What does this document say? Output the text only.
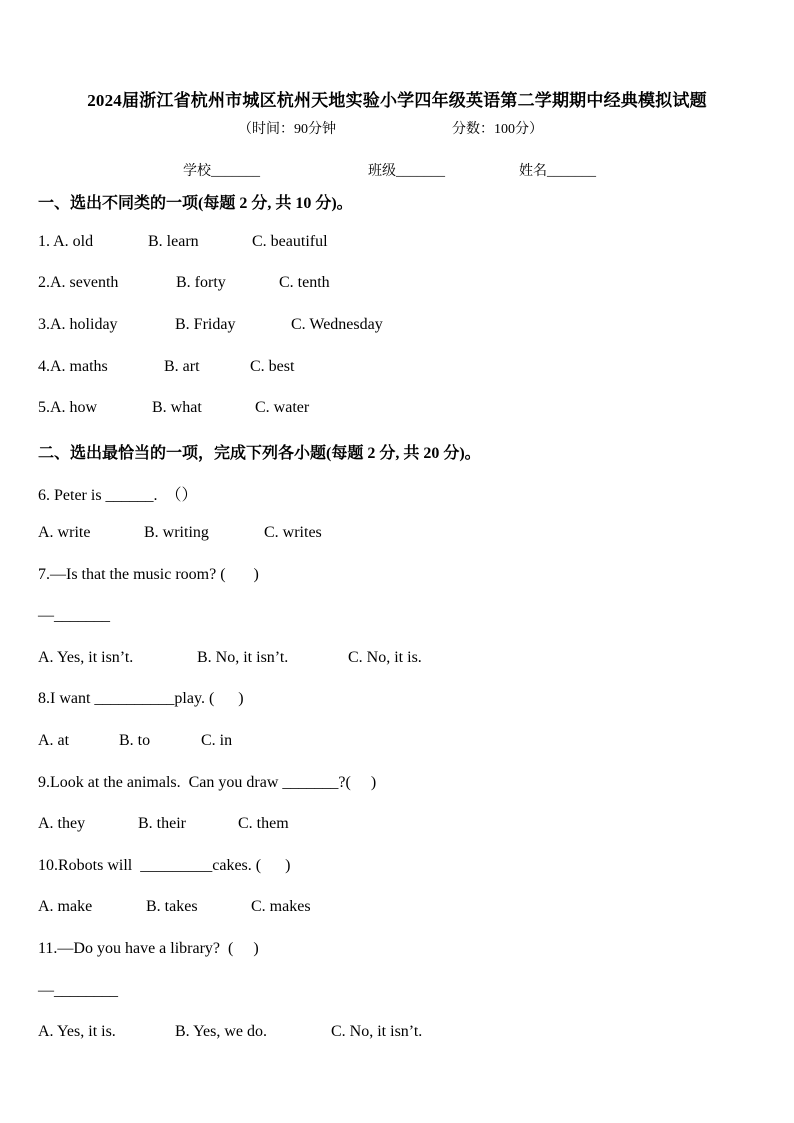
2024届浙江省杭州市城区杭州天地实验小学四年级英语第二学期期中经典模拟试题
（时间：90分钟	分数：100分）
学校_______	班级_______	姓名_______
一、选出不同类的一项(每题 2 分, 共 10 分)。
1. A. old	B. learn	C. beautiful
2.A. seventh	B. forty	C. tenth
3.A. holiday	B. Friday	C. Wednesday
4.A. maths	B. art	C. best
5.A. how	B. what	C. water
二、选出最恰当的一项，完成下列各小题(每题 2 分, 共 20 分)。
6. Peter is ______.  （）
A. write	B. writing	C. writes
7.—Is that the music room? (       )
—_______
A. Yes, it isn’t.	B. No, it isn’t.	C. No, it is.
8.I want __________play. (      )
A. at	B. to	C. in
9.Look at the animals.  Can you draw _______?(     )
A. they	B. their	C. them
10.Robots will  _________cakes. (      )
A. make	B. takes	C. makes
11.—Do you have a library?  (     )
—________
A. Yes, it is.	B. Yes, we do.	C. No, it isn’t.
